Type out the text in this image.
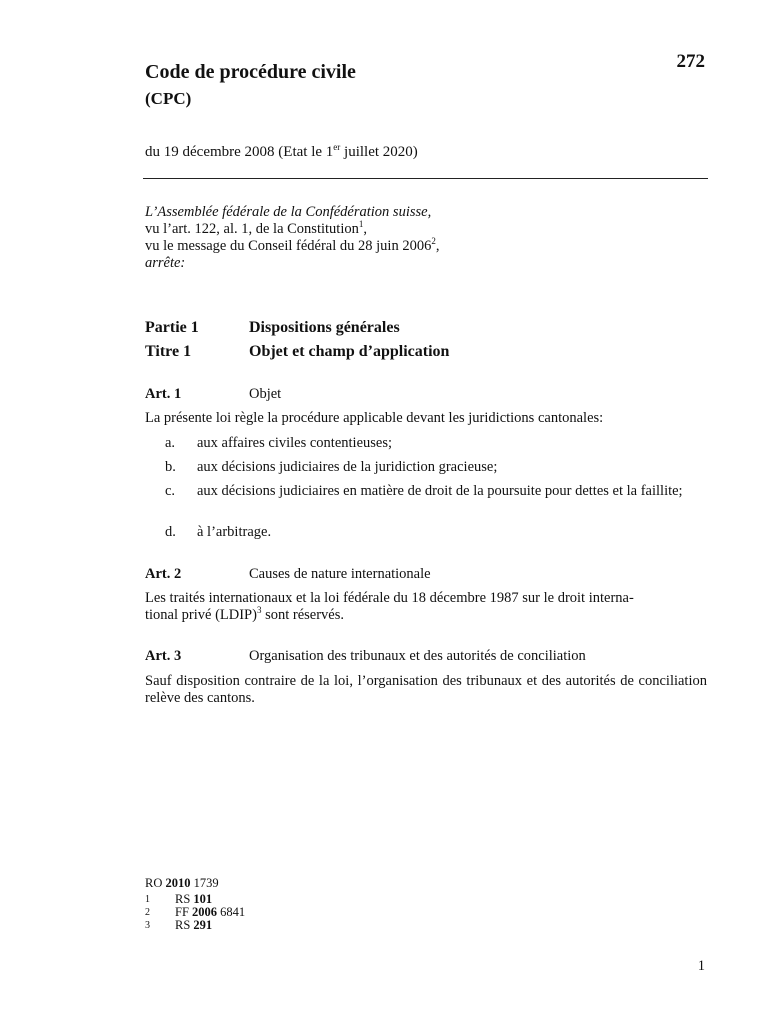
272
Code de procédure civile
(CPC)
du 19 décembre 2008 (Etat le 1er juillet 2020)
L’Assemblée fédérale de la Confédération suisse,
vu l’art. 122, al. 1, de la Constitution$^1$,
vu le message du Conseil fédéral du 28 juin 2006$^2$,
arrête:
Partie 1	Dispositions générales
Titre 1	Objet et champ d’application
Art. 1	Objet
La présente loi règle la procédure applicable devant les juridictions cantonales:
a. aux affaires civiles contentieuses;
b. aux décisions judiciaires de la juridiction gracieuse;
c. aux décisions judiciaires en matière de droit de la poursuite pour dettes et la faillite;
d. à l’arbitrage.
Art. 2	Causes de nature internationale
Les traités internationaux et la loi fédérale du 18 décembre 1987 sur le droit interna-
tional privé (LDIP)$^3$ sont réservés.
Art. 3	Organisation des tribunaux et des autorités de conciliation
Sauf disposition contraire de la loi, l’organisation des tribunaux et des autorités de conciliation relève des cantons.
RO 2010 1739
1 RS 101
2 FF 2006 6841
3 RS 291
1
